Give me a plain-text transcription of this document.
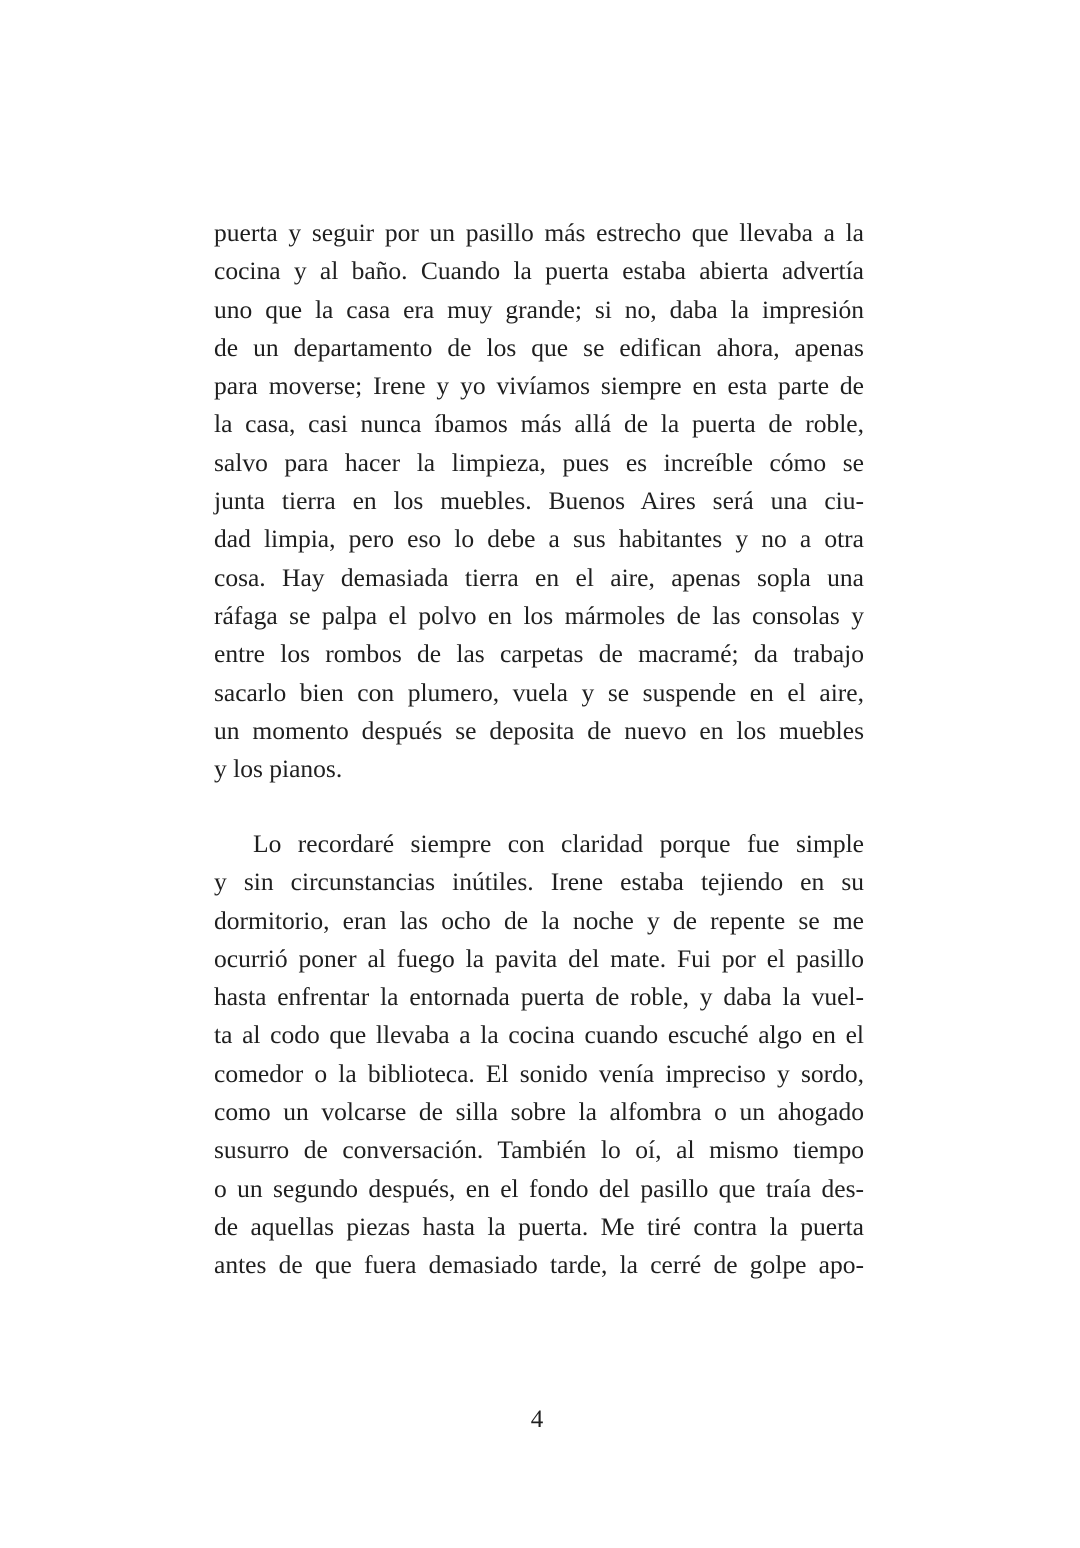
puerta y seguir por un pasillo más estrecho que llevaba a la
cocina y al baño. Cuando la puerta estaba abierta advertía
uno que la casa era muy grande; si no, daba la impresión
de un departamento de los que se edifican ahora, apenas
para moverse; Irene y yo vivíamos siempre en esta parte de
la casa, casi nunca íbamos más allá de la puerta de roble,
salvo para hacer la limpieza, pues es increíble cómo se
junta tierra en los muebles. Buenos Aires será una ciu-
dad limpia, pero eso lo debe a sus habitantes y no a otra
cosa. Hay demasiada tierra en el aire, apenas sopla una
ráfaga se palpa el polvo en los mármoles de las consolas y
entre los rombos de las carpetas de macramé; da trabajo
sacarlo bien con plumero, vuela y se suspende en el aire,
un momento después se deposita de nuevo en los muebles
y los pianos.
Lo recordaré siempre con claridad porque fue simple
y sin circunstancias inútiles. Irene estaba tejiendo en su
dormitorio, eran las ocho de la noche y de repente se me
ocurrió poner al fuego la pavita del mate. Fui por el pasillo
hasta enfrentar la entornada puerta de roble, y daba la vuel-
ta al codo que llevaba a la cocina cuando escuché algo en el
comedor o la biblioteca. El sonido venía impreciso y sordo,
como un volcarse de silla sobre la alfombra o un ahogado
susurro de conversación. También lo oí, al mismo tiempo
o un segundo después, en el fondo del pasillo que traía des-
de aquellas piezas hasta la puerta. Me tiré contra la puerta
antes de que fuera demasiado tarde, la cerré de golpe apo-
4
